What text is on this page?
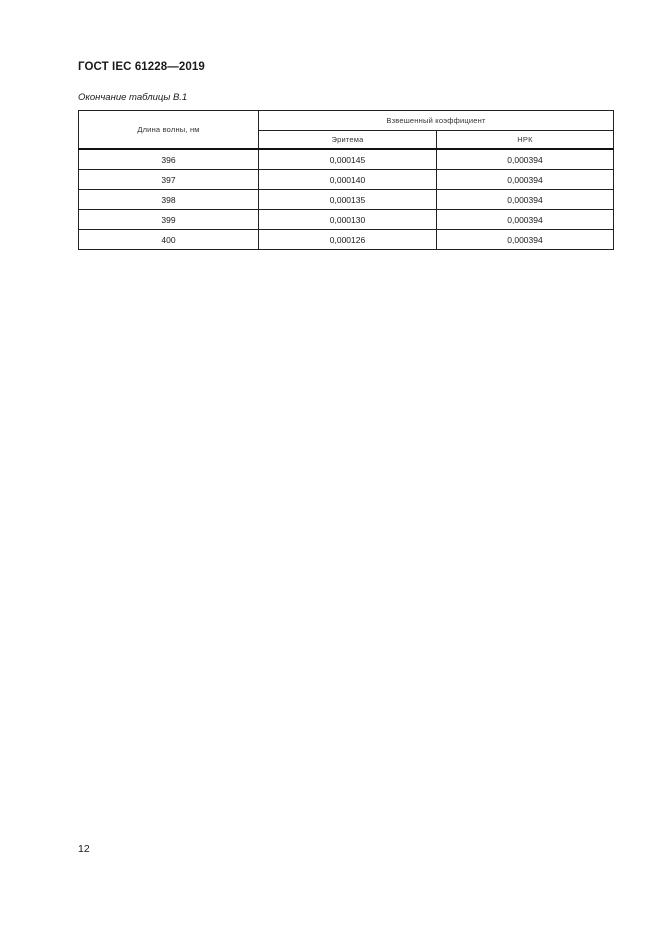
ГОСТ IEC 61228—2019
Окончание таблицы В.1
Длина волны, нм	Взвешенный коэффициент	
	Эритема	НРК
396	0,000145	0,000394
397	0,000140	0,000394
398	0,000135	0,000394
399	0,000130	0,000394
400	0,000126	0,000394
12
